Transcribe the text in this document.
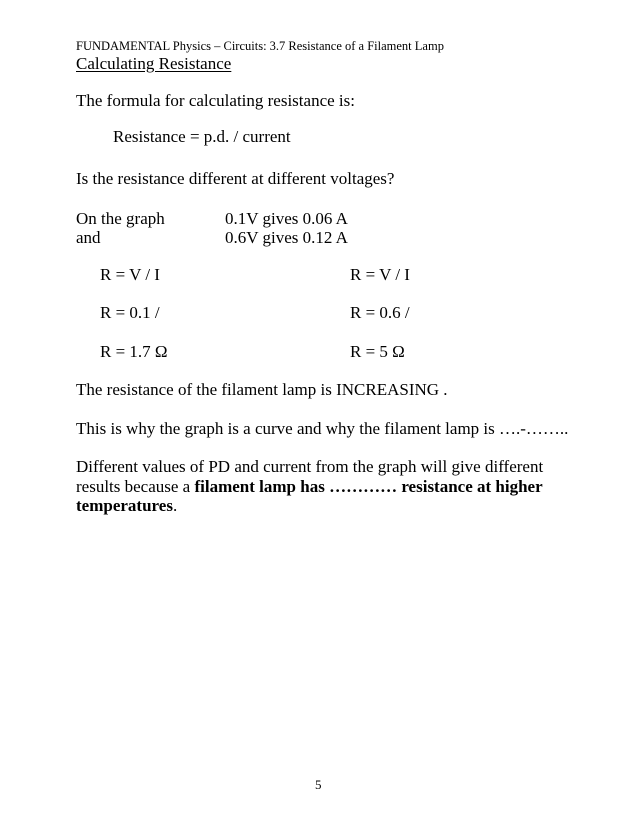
FUNDAMENTAL Physics – Circuits: 3.7 Resistance of a Filament Lamp
Calculating Resistance
The formula for calculating resistance is:
Resistance = p.d. / current
Is the resistance different at different voltages?
On the graph	0.1V gives 0.06 A
and	0.6V gives 0.12 A
R = V / I	R = V / I
R = 0.1 /	R = 0.6 /
R = 1.7 Ω	R = 5 Ω
The resistance of the filament lamp is INCREASING .
This is why the graph is a curve and why the filament lamp is ….-……..
Different values of PD and current from the graph will give different
results because a filament lamp has ………… resistance at higher
temperatures.
5
